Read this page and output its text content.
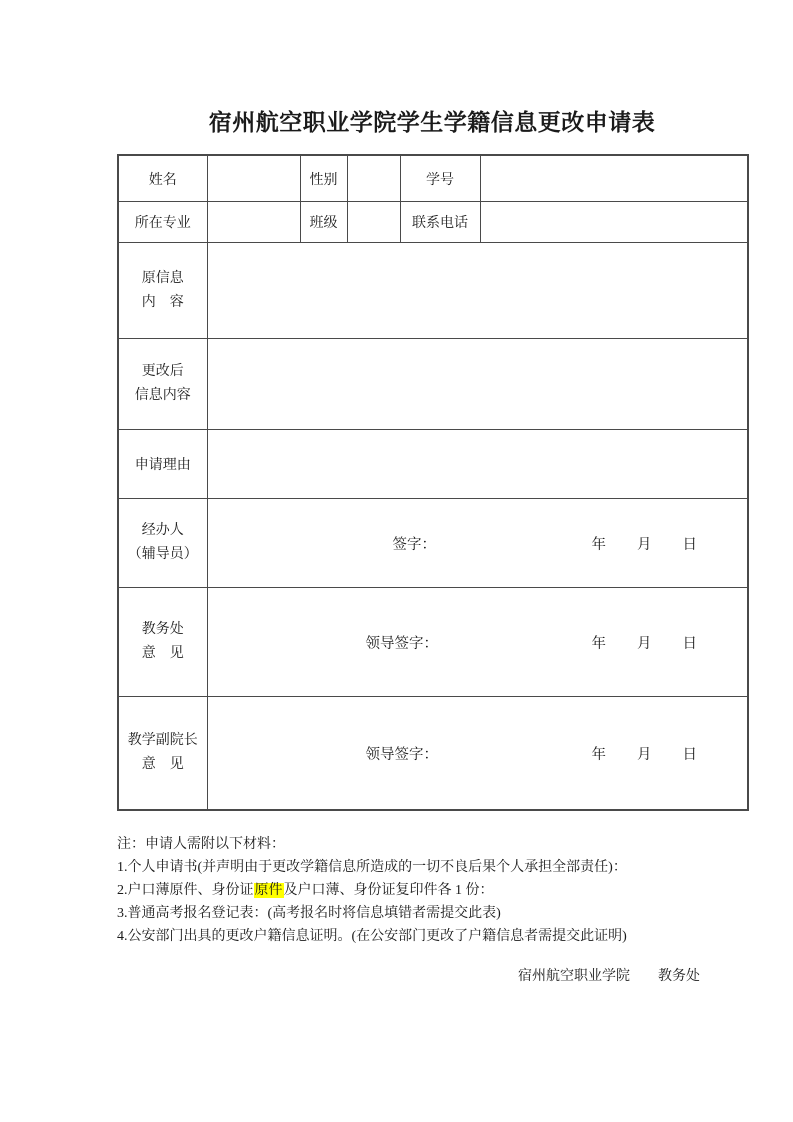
宿州航空职业学院学生学籍信息更改申请表
姓名		性别		学号	
所在专业		班级		联系电话	

原信息
内　容					

更改后
信息内容					

申请理由					

经办人
（辅导员）	签字： 年 月 日				

教务处
意　见	领导签字： 年 月 日				

教学副院长
意　见	领导签字： 年 月 日				

注：申请人需附以下材料：

1.个人申请书(并声明由于更改学籍信息所造成的一切不良后果个人承担全部责任)：

2.户口薄原件、身份证原件及户口薄、身份证复印件各 1 份：

3.普通高考报名登记表：(高考报名时将信息填错者需提交此表)

4.公安部门出具的更改户籍信息证明。(在公安部门更改了户籍信息者需提交此证明)

宿州航空职业学院 教务处
